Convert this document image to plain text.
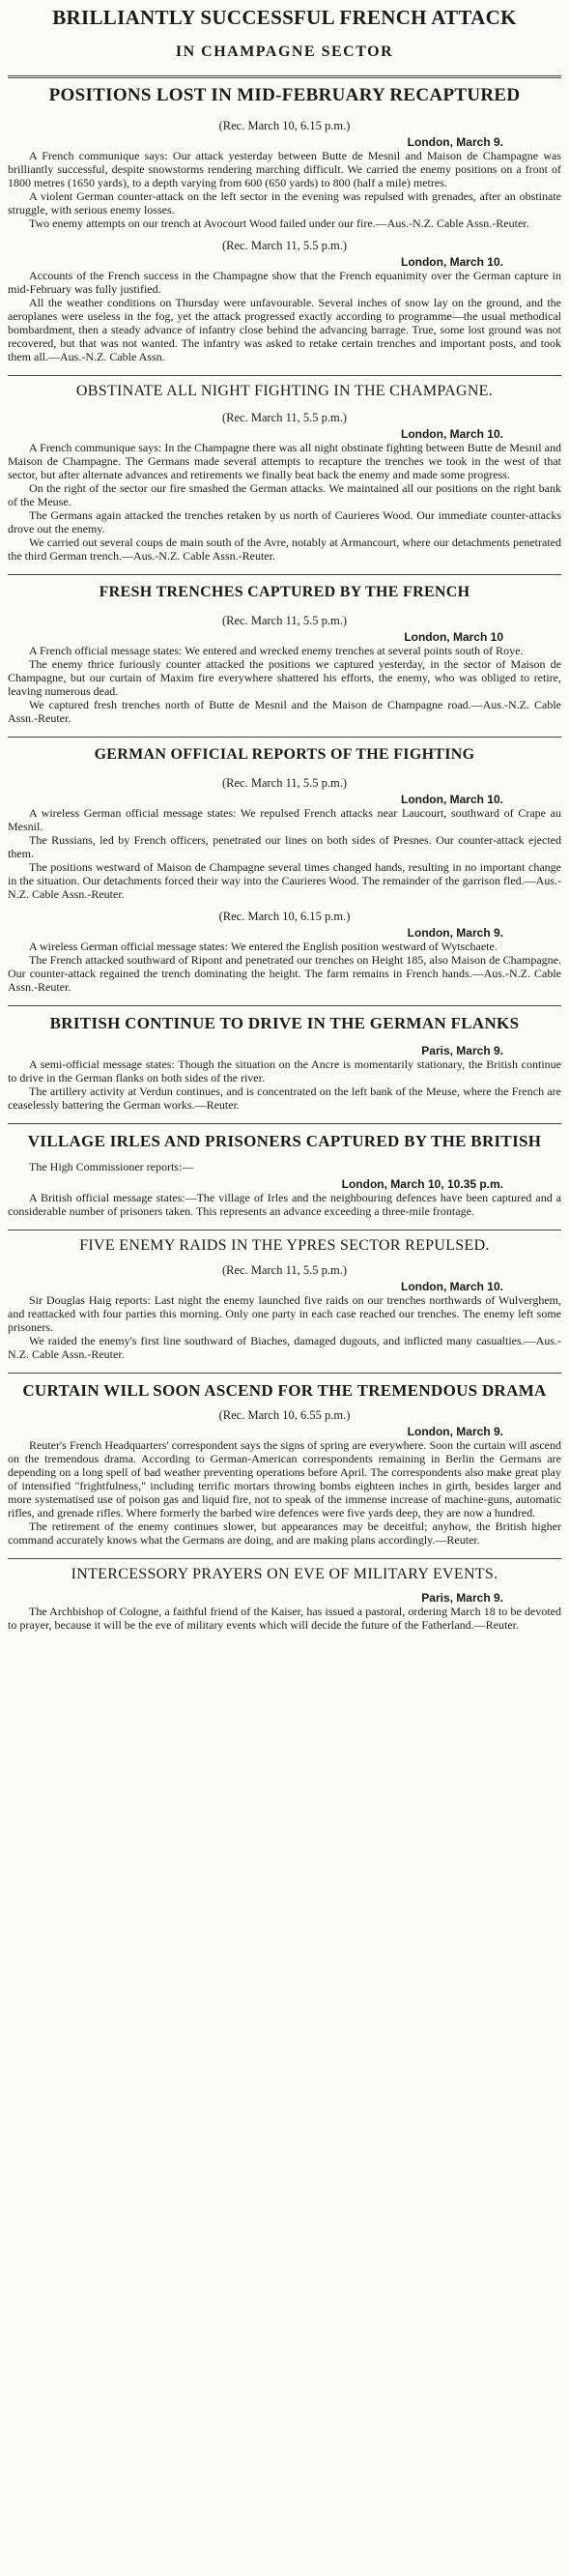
BRILLIANTLY SUCCESSFUL FRENCH ATTACK
IN CHAMPAGNE SECTOR
POSITIONS LOST IN MID-FEBRUARY RECAPTURED
(Rec. March 10, 6.15 p.m.)
London, March 9.

A French communique says: Our attack yesterday between Butte de Mesnil and Maison de Champagne was brilliantly successful, despite snowstorms rendering marching difficult. We carried the enemy positions on a front of 1800 metres (1650 yards), to a depth varying from 600 (650 yards) to 800 (half a mile) metres.

A violent German counter-attack on the left sector in the evening was repulsed with grenades, after an obstinate struggle, with serious enemy losses.

Two enemy attempts on our trench at Avocourt Wood failed under our fire.—Aus.-N.Z. Cable Assn.-Reuter.

(Rec. March 11, 5.5 p.m.)
London, March 10.

Accounts of the French success in the Champagne show that the French equanimity over the German capture in mid-February was fully justified.

All the weather conditions on Thursday were unfavourable. Several inches of snow lay on the ground, and the aeroplanes were useless in the fog, yet the attack progressed exactly according to programme—the usual methodical bombardment, then a steady advance of infantry close behind the advancing barrage. True, some lost ground was not recovered, but that was not wanted. The infantry was asked to retake certain trenches and important posts, and took them all.—Aus.-N.Z. Cable Assn.

OBSTINATE ALL NIGHT FIGHTING IN THE CHAMPAGNE.
(Rec. March 11, 5.5 p.m.)
London, March 10.

A French communique says: In the Champagne there was all night obstinate fighting between Butte de Mesnil and Maison de Champagne. The Germans made several attempts to recapture the trenches we took in the west of that sector, but after alternate advances and retirements we finally beat back the enemy and made some progress.

On the right of the sector our fire smashed the German attacks. We maintained all our positions on the right bank of the Meuse.

The Germans again attacked the trenches retaken by us north of Caurieres Wood. Our immediate counter-attacks drove out the enemy.

We carried out several coups de main south of the Avre, notably at Armancourt, where our detachments penetrated the third German trench.—Aus.-N.Z. Cable Assn.-Reuter.

FRESH TRENCHES CAPTURED BY THE FRENCH
(Rec. March 11, 5.5 p.m.)
London, March 10

A French official message states: We entered and wrecked enemy trenches at several points south of Roye.

The enemy thrice furiously counter attacked the positions we captured yesterday, in the sector of Maison de Champagne, but our curtain of Maxim fire everywhere shattered his efforts, the enemy, who was obliged to retire, leaving numerous dead.

We captured fresh trenches north of Butte de Mesnil and the Maison de Champagne road.—Aus.-N.Z. Cable Assn.-Reuter.

GERMAN OFFICIAL REPORTS OF THE FIGHTING
(Rec. March 11, 5.5 p.m.)
London, March 10.

A wireless German official message states: We repulsed French attacks near Laucourt, southward of Crape au Mesnil.

The Russians, led by French officers, penetrated our lines on both sides of Presnes. Our counter-attack ejected them.

The positions westward of Maison de Champagne several times changed hands, resulting in no important change in the situation. Our detachments forced their way into the Caurieres Wood. The remainder of the garrison fled.—Aus.-N.Z. Cable Assn.-Reuter.

(Rec. March 10, 6.15 p.m.)
London, March 9.

A wireless German official message states: We entered the English position westward of Wytschaete.

The French attacked southward of Ripont and penetrated our trenches on Height 185, also Maison de Champagne. Our counter-attack regained the trench dominating the height. The farm remains in French hands.—Aus.-N.Z. Cable Assn.-Reuter.

BRITISH CONTINUE TO DRIVE IN THE GERMAN FLANKS
Paris, March 9.

A semi-official message states: Though the situation on the Ancre is momentarily stationary, the British continue to drive in the German flanks on both sides of the river.

The artillery activity at Verdun continues, and is concentrated on the left bank of the Meuse, where the French are ceaselessly battering the German works.—Reuter.

VILLAGE IRLES AND PRISONERS CAPTURED BY THE BRITISH

The High Commissioner reports:—

London, March 10, 10.35 p.m.

A British official message states:—The village of Irles and the neighbouring defences have been captured and a considerable number of prisoners taken. This represents an advance exceeding a three-mile frontage.

FIVE ENEMY RAIDS IN THE YPRES SECTOR REPULSED.
(Rec. March 11, 5.5 p.m.)
London, March 10.

Sir Douglas Haig reports: Last night the enemy launched five raids on our trenches northwards of Wulverghem, and reattacked with four parties this morning. Only one party in each case reached our trenches. The enemy left some prisoners.

We raided the enemy's first line southward of Biaches, damaged dugouts, and inflicted many casualties.—Aus.-N.Z. Cable Assn.-Reuter.

CURTAIN WILL SOON ASCEND FOR THE TREMENDOUS DRAMA
(Rec. March 10, 6.55 p.m.)
London, March 9.

Reuter's French Headquarters' correspondent says the signs of spring are everywhere. Soon the curtain will ascend on the tremendous drama. According to German-American correspondents remaining in Berlin the Germans are depending on a long spell of bad weather preventing operations before April. The correspondents also make great play of intensified "frightfulness," including terrific mortars throwing bombs eighteen inches in girth, besides larger and more systematised use of poison gas and liquid fire, not to speak of the immense increase of machine-guns, automatic rifles, and grenade rifles. Where formerly the barbed wire defences were five yards deep, they are now a hundred.

The retirement of the enemy continues slower, but appearances may be deceitful; anyhow, the British higher command accurately knows what the Germans are doing, and are making plans accordingly.—Reuter.

INTERCESSORY PRAYERS ON EVE OF MILITARY EVENTS.
Paris, March 9.

The Archbishop of Cologne, a faithful friend of the Kaiser, has issued a pastoral, ordering March 18 to be devoted to prayer, because it will be the eve of military events which will decide the future of the Fatherland.—Reuter.
